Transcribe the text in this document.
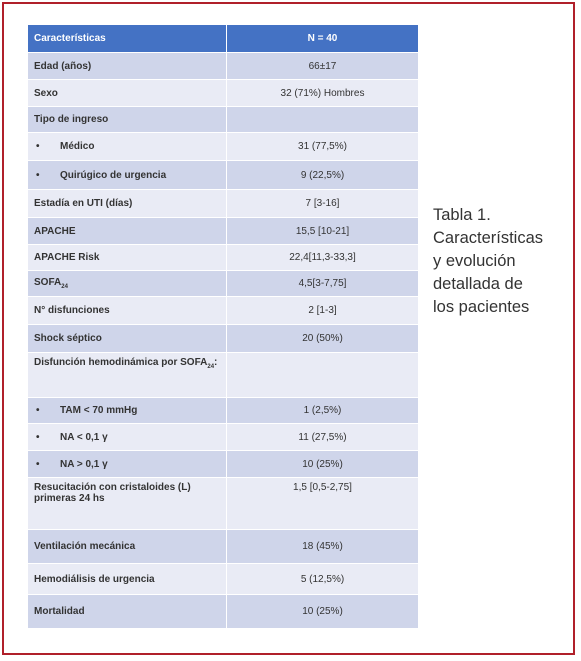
Características	N = 40
Edad (años)	66±17
Sexo	32 (71%) Hombres
Tipo de ingreso	
• Médico	31 (77,5%)
• Quirúgico de urgencia	9 (22,5%)
Estadía en UTI (días)	7 [3-16]
APACHE	15,5 [10-21]
APACHE Risk	22,4[11,3-33,3]
$SOFA_{24}$	4,5[3-7,75]
N° disfunciones	2 [1-3]
Shock séptico	20 (50%)
Disfunción hemodinámica por $SOFA_{24}$:	
• TAM < 70 mmHg	1 (2,5%)
• NA < 0,1 γ	11 (27,5%)
• NA > 0,1 γ	10 (25%)
Resucitación con cristaloides (L) primeras 24 hs	1,5 [0,5-2,75]
Ventilación mecánica	18 (45%)
Hemodiálisis de urgencia	5 (12,5%)
Mortalidad	10 (25%)
Tabla 1.
Características
y evolución
detallada de
los pacientes
